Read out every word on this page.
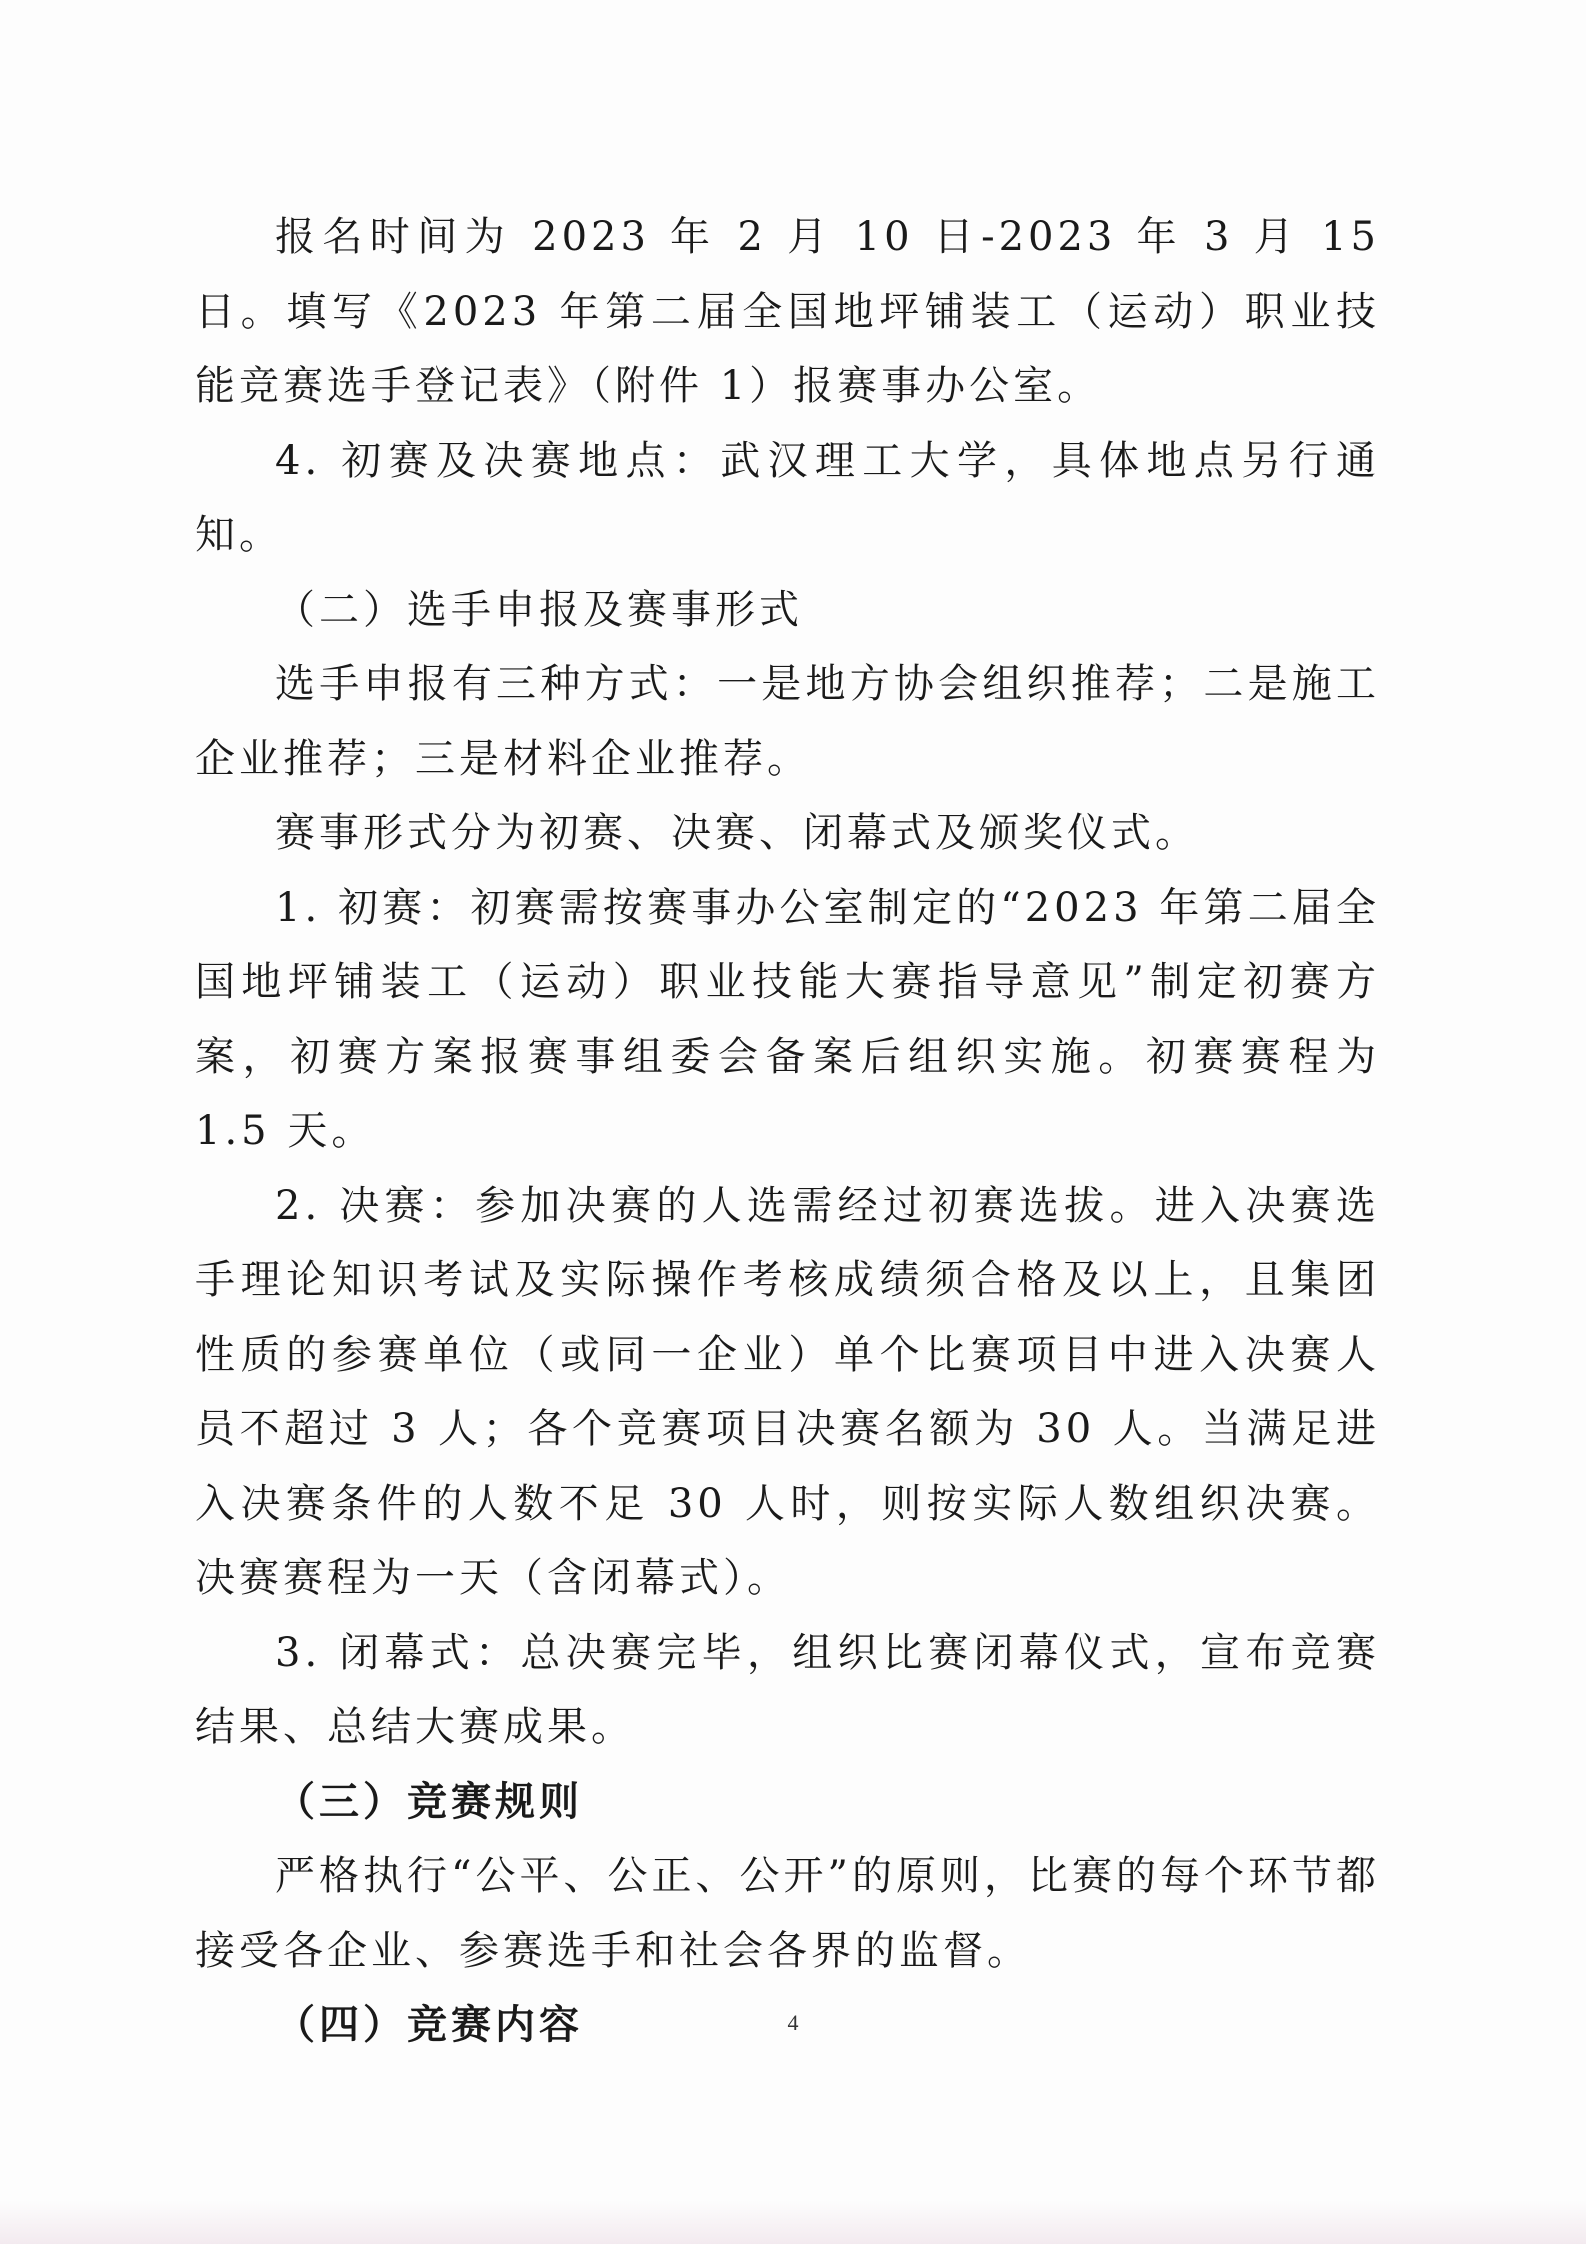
报名时间为 2023 年 2 月 10 日-2023 年 3 月 15 日。填写《2023 年第二届全国地坪铺装工（运动）职业技能竞赛选手登记表》（附件 1）报赛事办公室。

4. 初赛及决赛地点：武汉理工大学，具体地点另行通知。

（二）选手申报及赛事形式

选手申报有三种方式：一是地方协会组织推荐；二是施工企业推荐；三是材料企业推荐。

赛事形式分为初赛、决赛、闭幕式及颁奖仪式。

1. 初赛：初赛需按赛事办公室制定的“2023 年第二届全国地坪铺装工（运动）职业技能大赛指导意见”制定初赛方案，初赛方案报赛事组委会备案后组织实施。初赛赛程为 1.5 天。

2. 决赛：参加决赛的人选需经过初赛选拔。进入决赛选手理论知识考试及实际操作考核成绩须合格及以上，且集团性质的参赛单位（或同一企业）单个比赛项目中进入决赛人员不超过 3 人；各个竞赛项目决赛名额为 30 人。当满足进入决赛条件的人数不足 30 人时，则按实际人数组织决赛。决赛赛程为一天（含闭幕式）。

3. 闭幕式：总决赛完毕，组织比赛闭幕仪式，宣布竞赛结果、总结大赛成果。

（三）竞赛规则

严格执行“公平、公正、公开”的原则，比赛的每个环节都接受各企业、参赛选手和社会各界的监督。

（四）竞赛内容	4
